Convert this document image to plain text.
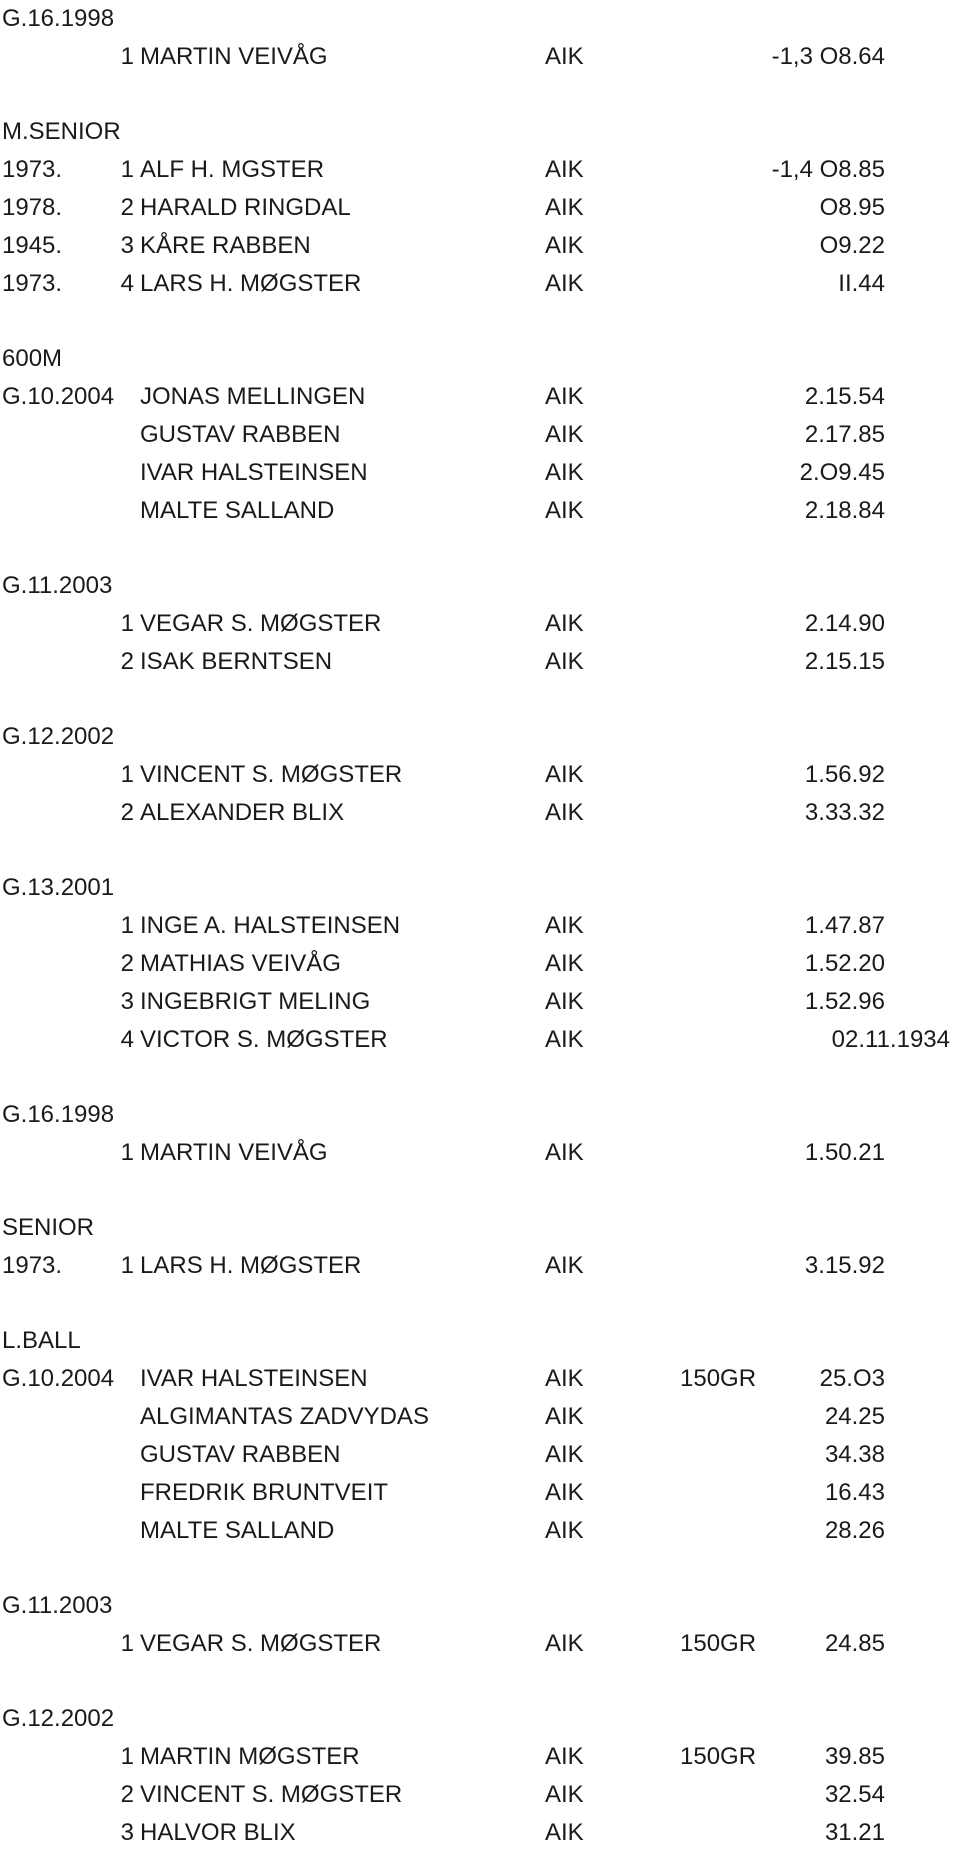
G.16.1998
1 MARTIN VEIVÅG	AIK	-1,3 O8.64
M.SENIOR
1973.	1 ALF H. MGSTER	AIK	-1,4 O8.85
1978.	2 HARALD RINGDAL	AIK	O8.95
1945.	3 KÅRE RABBEN	AIK	O9.22
1973.	4 LARS H. MØGSTER	AIK	II.44
600M
G.10.2004 JONAS MELLINGEN	AIK	2.15.54
GUSTAV RABBEN	AIK	2.17.85
IVAR HALSTEINSEN	AIK	2.O9.45
MALTE SALLAND	AIK	2.18.84
G.11.2003
1 VEGAR S. MØGSTER	AIK	2.14.90
2 ISAK BERNTSEN	AIK	2.15.15
G.12.2002
1 VINCENT S. MØGSTER	AIK	1.56.92
2 ALEXANDER BLIX	AIK	3.33.32
G.13.2001
1 INGE A. HALSTEINSEN	AIK	1.47.87
2 MATHIAS VEIVÅG	AIK	1.52.20
3 INGEBRIGT MELING	AIK	1.52.96
4 VICTOR S. MØGSTER	AIK	02.11.1934
G.16.1998
1 MARTIN VEIVÅG	AIK	1.50.21
SENIOR
1973.	1 LARS H. MØGSTER	AIK	3.15.92
L.BALL
G.10.2004 IVAR HALSTEINSEN	AIK	150GR	25.O3
ALGIMANTAS ZADVYDAS	AIK	24.25
GUSTAV RABBEN	AIK	34.38
FREDRIK BRUNTVEIT	AIK	16.43
MALTE SALLAND	AIK	28.26
G.11.2003
1 VEGAR S. MØGSTER	AIK	150GR	24.85
G.12.2002
1 MARTIN MØGSTER	AIK	150GR	39.85
2 VINCENT S. MØGSTER	AIK	32.54
3 HALVOR BLIX	AIK	31.21
